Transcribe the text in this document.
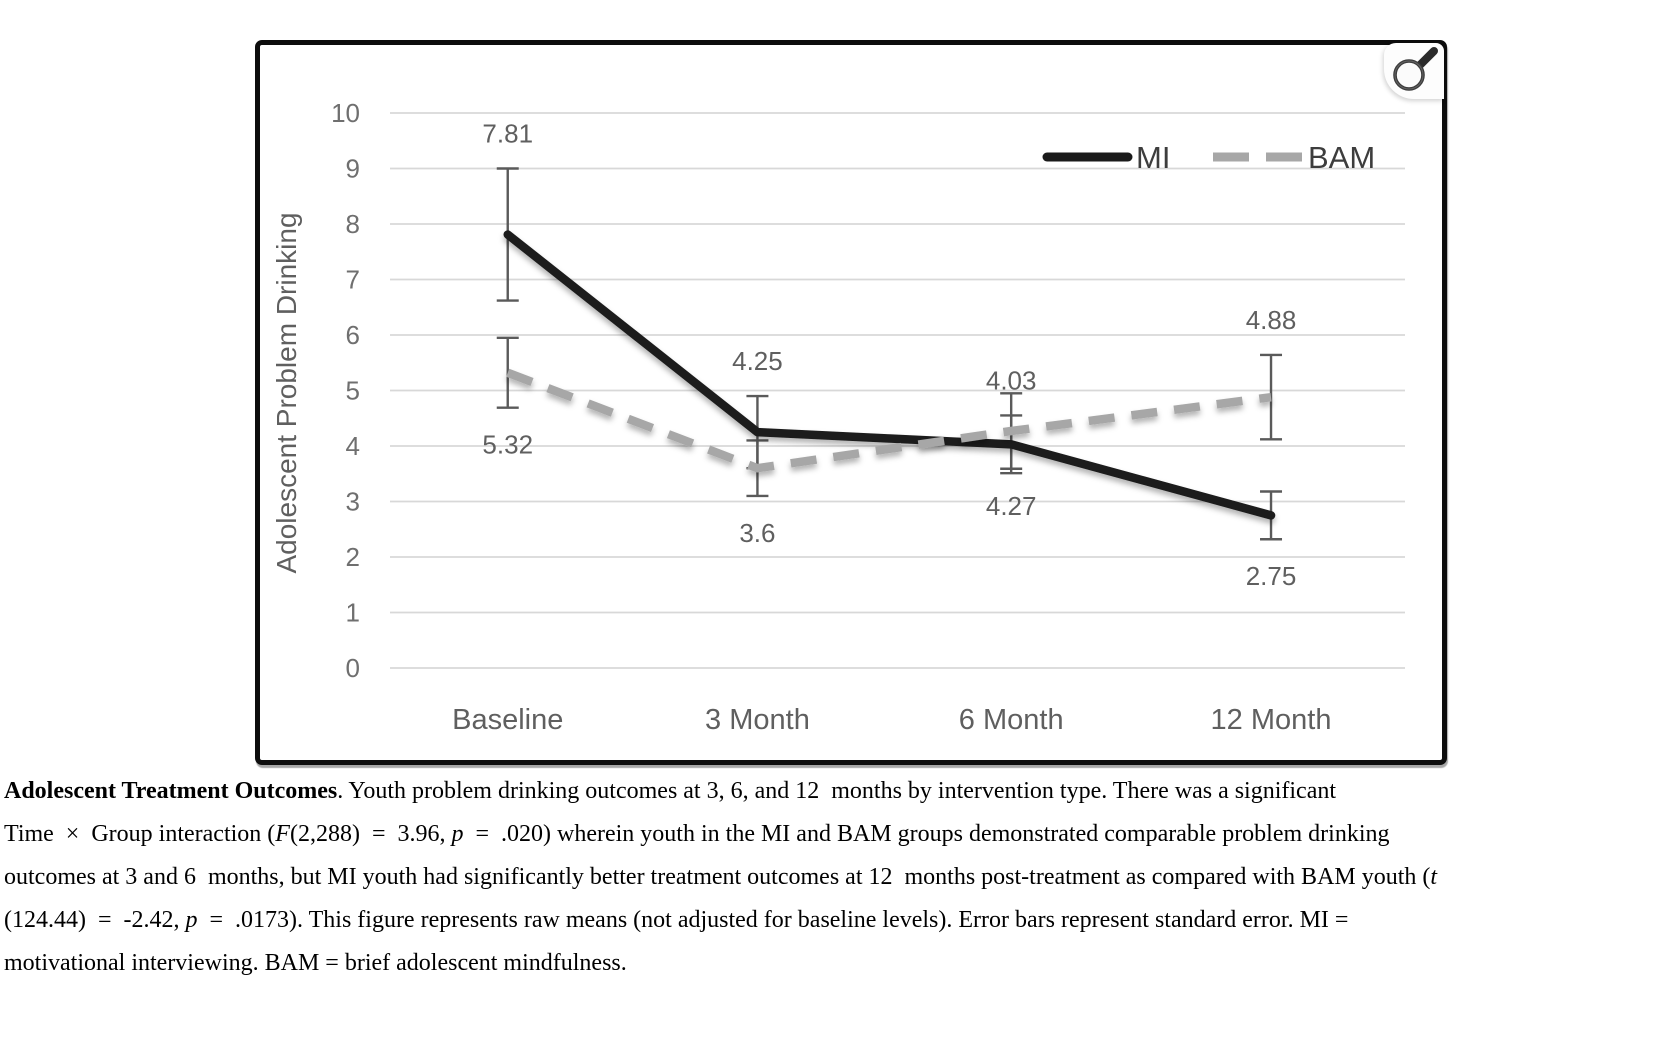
0
1
2
3
4
5
6
7
8
9
10
Adolescent Problem Drinking
Baseline	3 Month	6 Month	12 Month
7.81
4.25
4.03
2.75
5.32
3.6
4.27
4.88
MI	BAM
Adolescent Treatment Outcomes. Youth problem drinking outcomes at 3, 6, and 12  months by intervention type. There was a significant
Time  ×  Group interaction (F(2,288)  =  3.96, p  =  .020) wherein youth in the MI and BAM groups demonstrated comparable problem drinking
outcomes at 3 and 6  months, but MI youth had significantly better treatment outcomes at 12  months post-treatment as compared with BAM youth (t
(124.44)  =  -2.42, p  =  .0173). This figure represents raw means (not adjusted for baseline levels). Error bars represent standard error. MI =
motivational interviewing. BAM = brief adolescent mindfulness.
